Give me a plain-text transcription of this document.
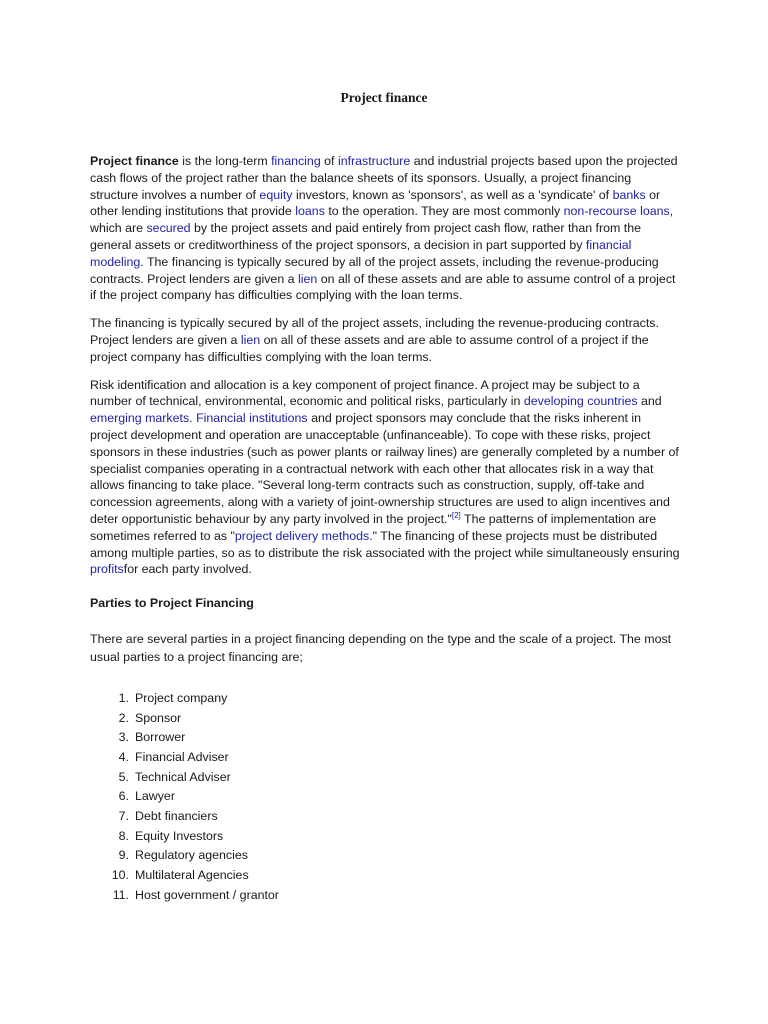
Project finance

Project finance is the long-term financing of infrastructure and industrial projects based upon the projected cash flows of the project rather than the balance sheets of its sponsors. Usually, a project financing structure involves a number of equity investors, known as 'sponsors', as well as a 'syndicate' of banks or other lending institutions that provide loans to the operation. They are most commonly non-recourse loans, which are secured by the project assets and paid entirely from project cash flow, rather than from the general assets or creditworthiness of the project sponsors, a decision in part supported by financial modeling. The financing is typically secured by all of the project assets, including the revenue-producing contracts. Project lenders are given a lien on all of these assets and are able to assume control of a project if the project company has difficulties complying with the loan terms.

The financing is typically secured by all of the project assets, including the revenue-producing contracts. Project lenders are given a lien on all of these assets and are able to assume control of a project if the project company has difficulties complying with the loan terms.

Risk identification and allocation is a key component of project finance. A project may be subject to a number of technical, environmental, economic and political risks, particularly in developing countries and emerging markets. Financial institutions and project sponsors may conclude that the risks inherent in project development and operation are unacceptable (unfinanceable). To cope with these risks, project sponsors in these industries (such as power plants or railway lines) are generally completed by a number of specialist companies operating in a contractual network with each other that allocates risk in a way that allows financing to take place. "Several long-term contracts such as construction, supply, off-take and concession agreements, along with a variety of joint-ownership structures are used to align incentives and deter opportunistic behaviour by any party involved in the project."[2] The patterns of implementation are sometimes referred to as "project delivery methods." The financing of these projects must be distributed among multiple parties, so as to distribute the risk associated with the project while simultaneously ensuring profitsfor each party involved.

Parties to Project Financing

There are several parties in a project financing depending on the type and the scale of a project. The most usual parties to a project financing are;

1. Project company
2. Sponsor
3. Borrower
4. Financial Adviser
5. Technical Adviser
6. Lawyer
7. Debt financiers
8. Equity Investors
9. Regulatory agencies
10. Multilateral Agencies
11. Host government / grantor
